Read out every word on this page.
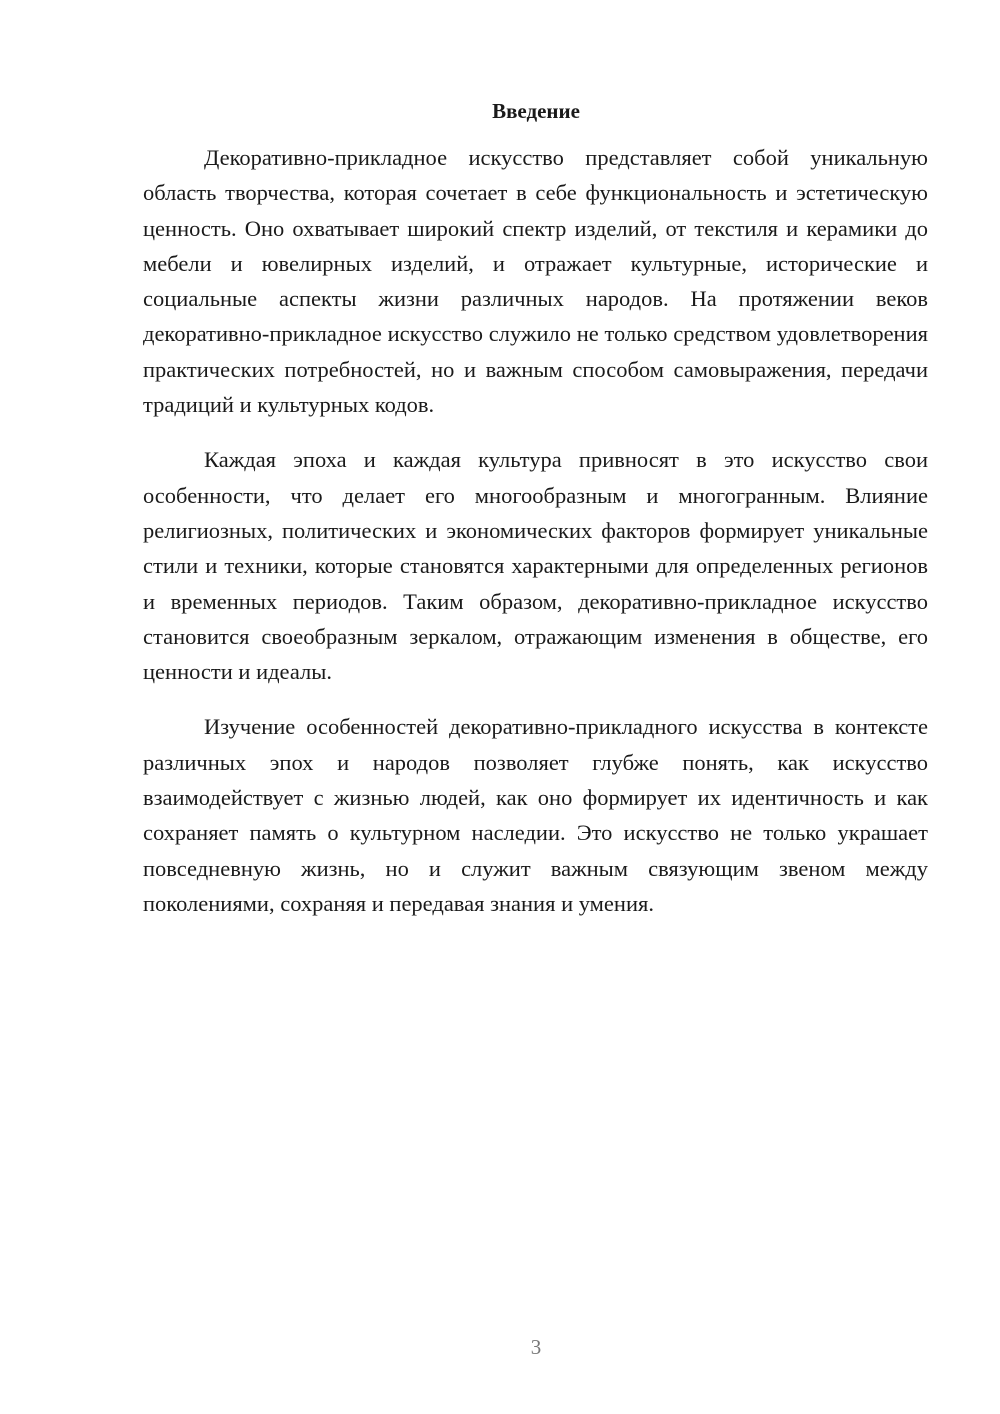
Введение

Декоративно-прикладное искусство представляет собой уникальную область творчества, которая сочетает в себе функциональность и эстетическую ценность. Оно охватывает широкий спектр изделий, от текстиля и керамики до мебели и ювелирных изделий, и отражает культурные, исторические и социальные аспекты жизни различных народов. На протяжении веков декоративно-прикладное искусство служило не только средством удовлетворения практических потребностей, но и важным способом самовыражения, передачи традиций и культурных кодов.

Каждая эпоха и каждая культура привносят в это искусство свои особенности, что делает его многообразным и многогранным. Влияние религиозных, политических и экономических факторов формирует уникальные стили и техники, которые становятся характерными для определенных регионов и временных периодов. Таким образом, декоративно-прикладное искусство становится своеобразным зеркалом, отражающим изменения в обществе, его ценности и идеалы.

Изучение особенностей декоративно-прикладного искусства в контексте различных эпох и народов позволяет глубже понять, как искусство взаимодействует с жизнью людей, как оно формирует их идентичность и как сохраняет память о культурном наследии. Это искусство не только украшает повседневную жизнь, но и служит важным связующим звеном между поколениями, сохраняя и передавая знания и умения.

3
